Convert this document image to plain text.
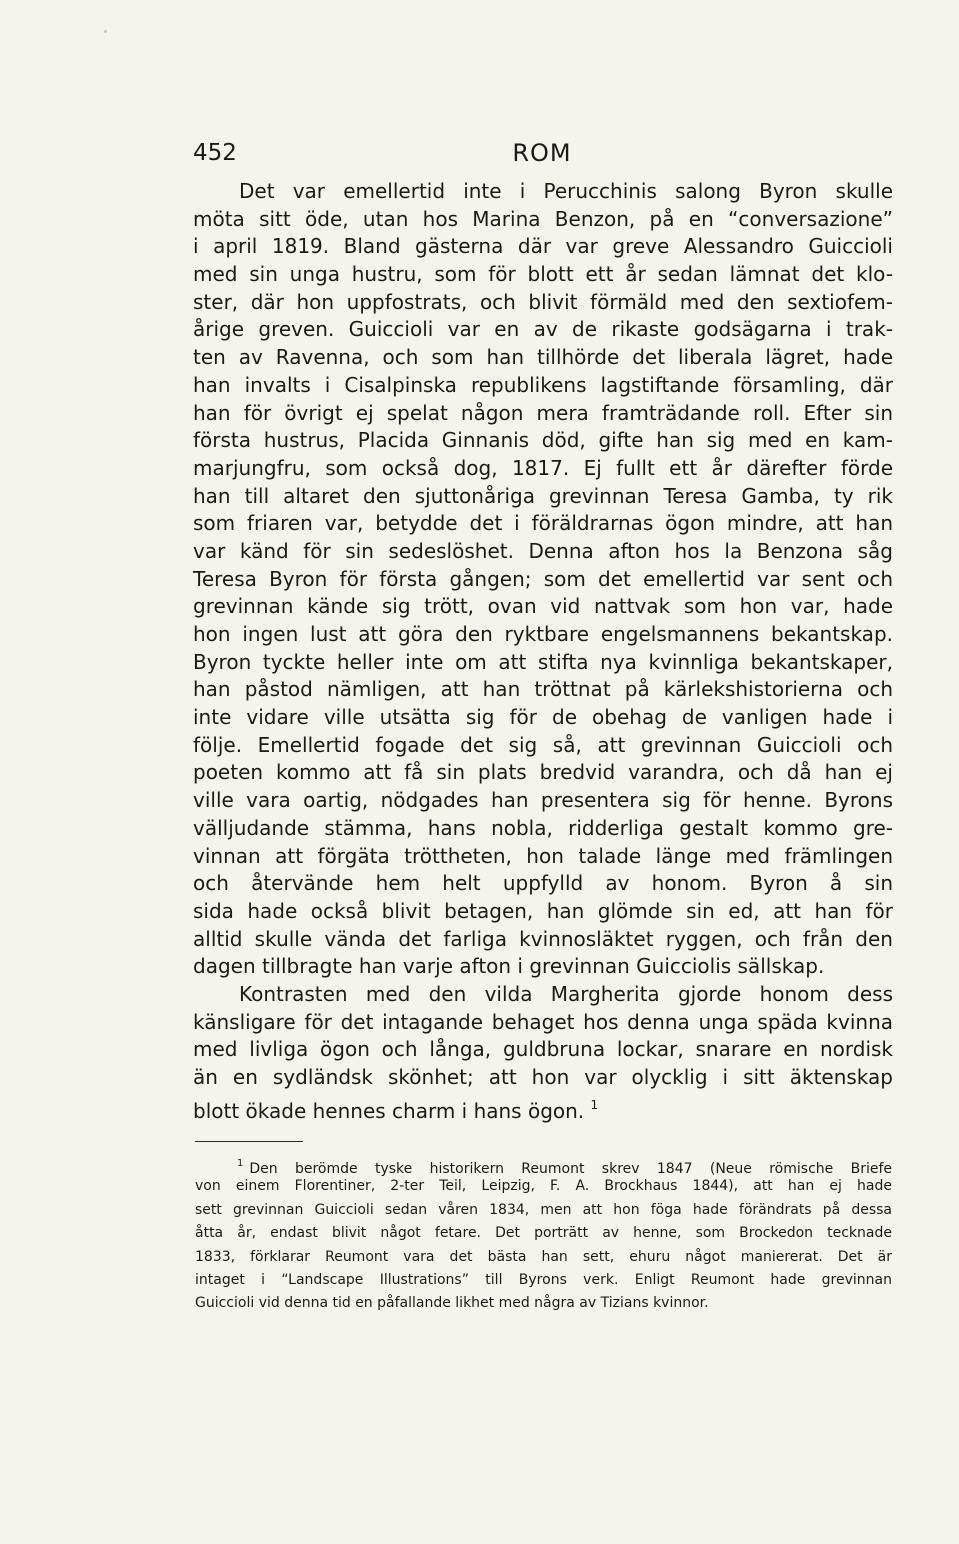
452	ROM
Det var emellertid inte i Perucchinis salong Byron skulle
möta sitt öde, utan hos Marina Benzon, på en “conversazione”
i april 1819. Bland gästerna där var greve Alessandro Guiccioli
med sin unga hustru, som för blott ett år sedan lämnat det klo-
ster, där hon uppfostrats, och blivit förmäld med den sextiofem-
årige greven. Guiccioli var en av de rikaste godsägarna i trak-
ten av Ravenna, och som han tillhörde det liberala lägret, hade
han invalts i Cisalpinska republikens lagstiftande församling, där
han för övrigt ej spelat någon mera framträdande roll. Efter sin
första hustrus, Placida Ginnanis död, gifte han sig med en kam-
marjungfru, som också dog, 1817. Ej fullt ett år därefter förde
han till altaret den sjuttonåriga grevinnan Teresa Gamba, ty rik
som friaren var, betydde det i föräldrarnas ögon mindre, att han
var känd för sin sedeslöshet. Denna afton hos la Benzona såg
Teresa Byron för första gången; som det emellertid var sent och
grevinnan kände sig trött, ovan vid nattvak som hon var, hade
hon ingen lust att göra den ryktbare engelsmannens bekantskap.
Byron tyckte heller inte om att stifta nya kvinnliga bekantskaper,
han påstod nämligen, att han tröttnat på kärlekshistorierna och
inte vidare ville utsätta sig för de obehag de vanligen hade i
följe. Emellertid fogade det sig så, att grevinnan Guiccioli och
poeten kommo att få sin plats bredvid varandra, och då han ej
ville vara oartig, nödgades han presentera sig för henne. Byrons
välljudande stämma, hans nobla, ridderliga gestalt kommo gre-
vinnan att förgäta tröttheten, hon talade länge med främlingen
och återvände hem helt uppfylld av honom. Byron å sin
sida hade också blivit betagen, han glömde sin ed, att han för
alltid skulle vända det farliga kvinnosläktet ryggen, och från den
dagen tillbragte han varje afton i grevinnan Guicciolis sällskap.
Kontrasten med den vilda Margherita gjorde honom dess
känsligare för det intagande behaget hos denna unga späda kvinna
med livliga ögon och långa, guldbruna lockar, snarare en nordisk
än en sydländsk skönhet; att hon var olycklig i sitt äktenskap
blott ökade hennes charm i hans ögon. $^1$
$^1$ Den berömde tyske historikern Reumont skrev 1847 (Neue römische Briefe
von einem Florentiner, 2-ter Teil, Leipzig, F. A. Brockhaus 1844), att han ej hade
sett grevinnan Guiccioli sedan våren 1834, men att hon föga hade förändrats på dessa
åtta år, endast blivit något fetare. Det porträtt av henne, som Brockedon tecknade
1833, förklarar Reumont vara det bästa han sett, ehuru något maniererat. Det är
intaget i “Landscape Illustrations” till Byrons verk. Enligt Reumont hade grevinnan
Guiccioli vid denna tid en påfallande likhet med några av Tizians kvinnor.
